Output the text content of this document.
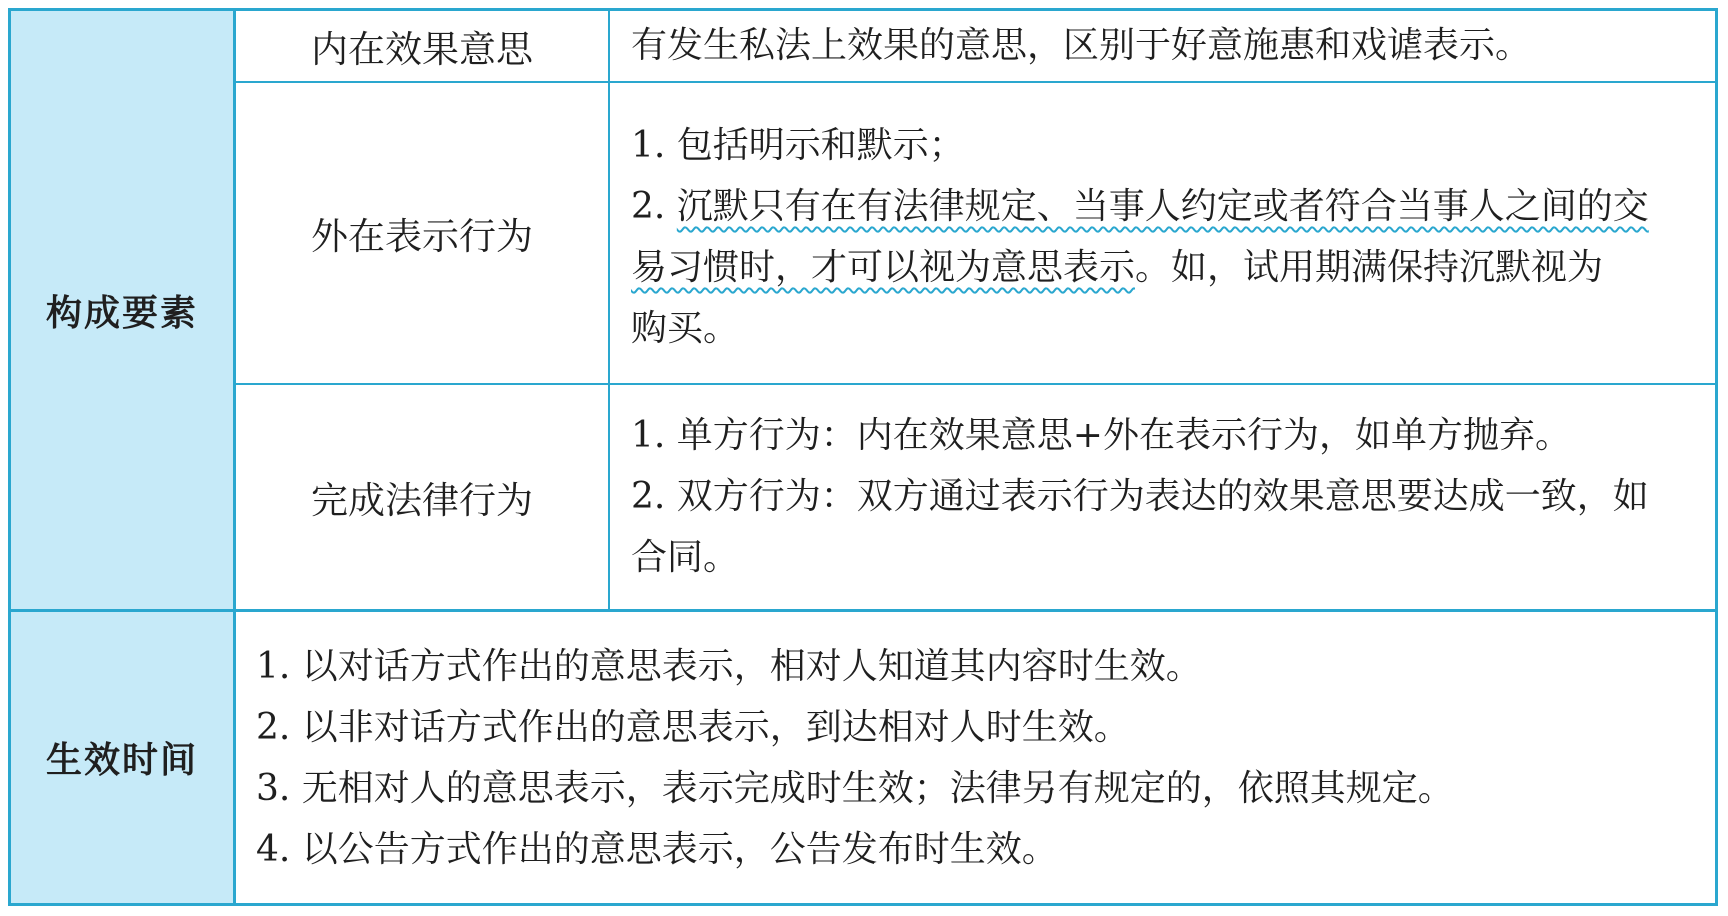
构成要素
生效时间
内在效果意思	有发生私法上效果的意思，区别于好意施惠和戏谑表示。
外在表示行为
1. 包括明示和默示；
2. 沉默只有在有法律规定、当事人约定或者符合当事人之间的交
易习惯时，才可以视为意思表示。如，试用期满保持沉默视为
购买。
完成法律行为
1. 单方行为：内在效果意思+外在表示行为，如单方抛弃。
2. 双方行为：双方通过表示行为表达的效果意思要达成一致，如
合同。
1. 以对话方式作出的意思表示，相对人知道其内容时生效。
2. 以非对话方式作出的意思表示，到达相对人时生效。
3. 无相对人的意思表示，表示完成时生效；法律另有规定的，依照其规定。
4. 以公告方式作出的意思表示，公告发布时生效。
